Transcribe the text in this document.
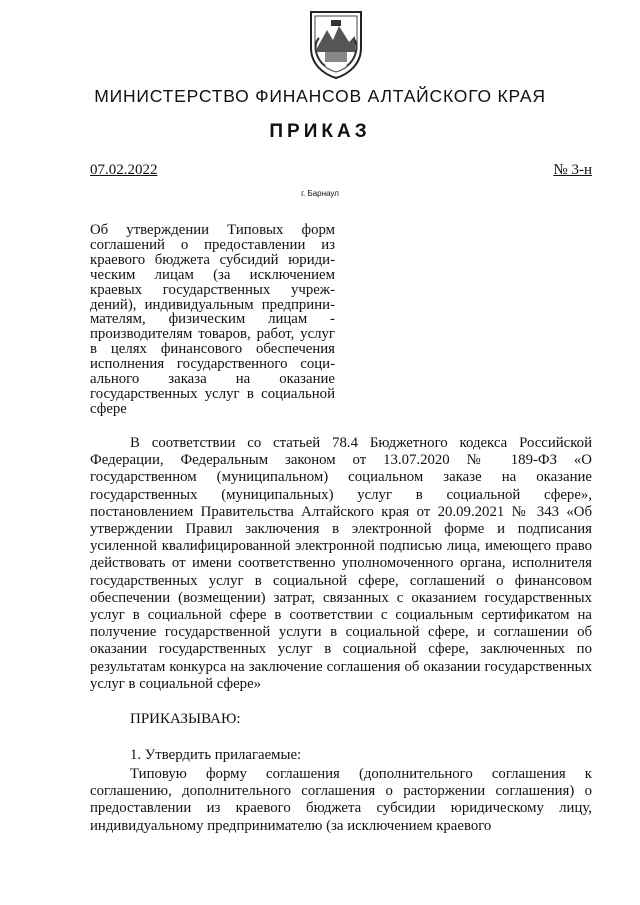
МИНИСТЕРСТВО ФИНАНСОВ АЛТАЙСКОГО КРАЯ
ПРИКАЗ
07.02.2022	№ 3-н
г. Барнаул
Об утверждении Типовых форм соглашений о предоставлении из краевого бюджета субсидий юридическим лицам (за исключением краевых государственных учреждений), индивидуальным предпринимателям, физическим лицам - производителям товаров, работ, услуг в целях финансового обеспечения исполнения государственного социального заказа на оказание государственных услуг в социальной сфере

В соответствии со статьей 78.4 Бюджетного кодекса Российской Федерации, Федеральным законом от 13.07.2020 № 189-ФЗ «О государственном (муниципальном) социальном заказе на оказание государственных (муниципальных) услуг в социальной сфере», постановлением Правительства Алтайского края от 20.09.2021 № 343 «Об утверждении Правил заключения в электронной форме и подписания усиленной квалифицированной электронной подписью лица, имеющего право действовать от имени соответственно уполномоченного органа, исполнителя государственных услуг в социальной сфере, соглашений о финансовом обеспечении (возмещении) затрат, связанных с оказанием государственных услуг в социальной сфере в соответствии с социальным сертификатом на получение государственной услуги в социальной сфере, и соглашении об оказании государственных услуг в социальной сфере, заключенных по результатам конкурса на заключение соглашения об оказании государственных услуг в социальной сфере»

ПРИКАЗЫВАЮ:
1. Утвердить прилагаемые:

Типовую форму соглашения (дополнительного соглашения к соглашению, дополнительного соглашения о расторжении соглашения) о предоставлении из краевого бюджета субсидии юридическому лицу, индивидуальному предпринимателю (за исключением краевого
